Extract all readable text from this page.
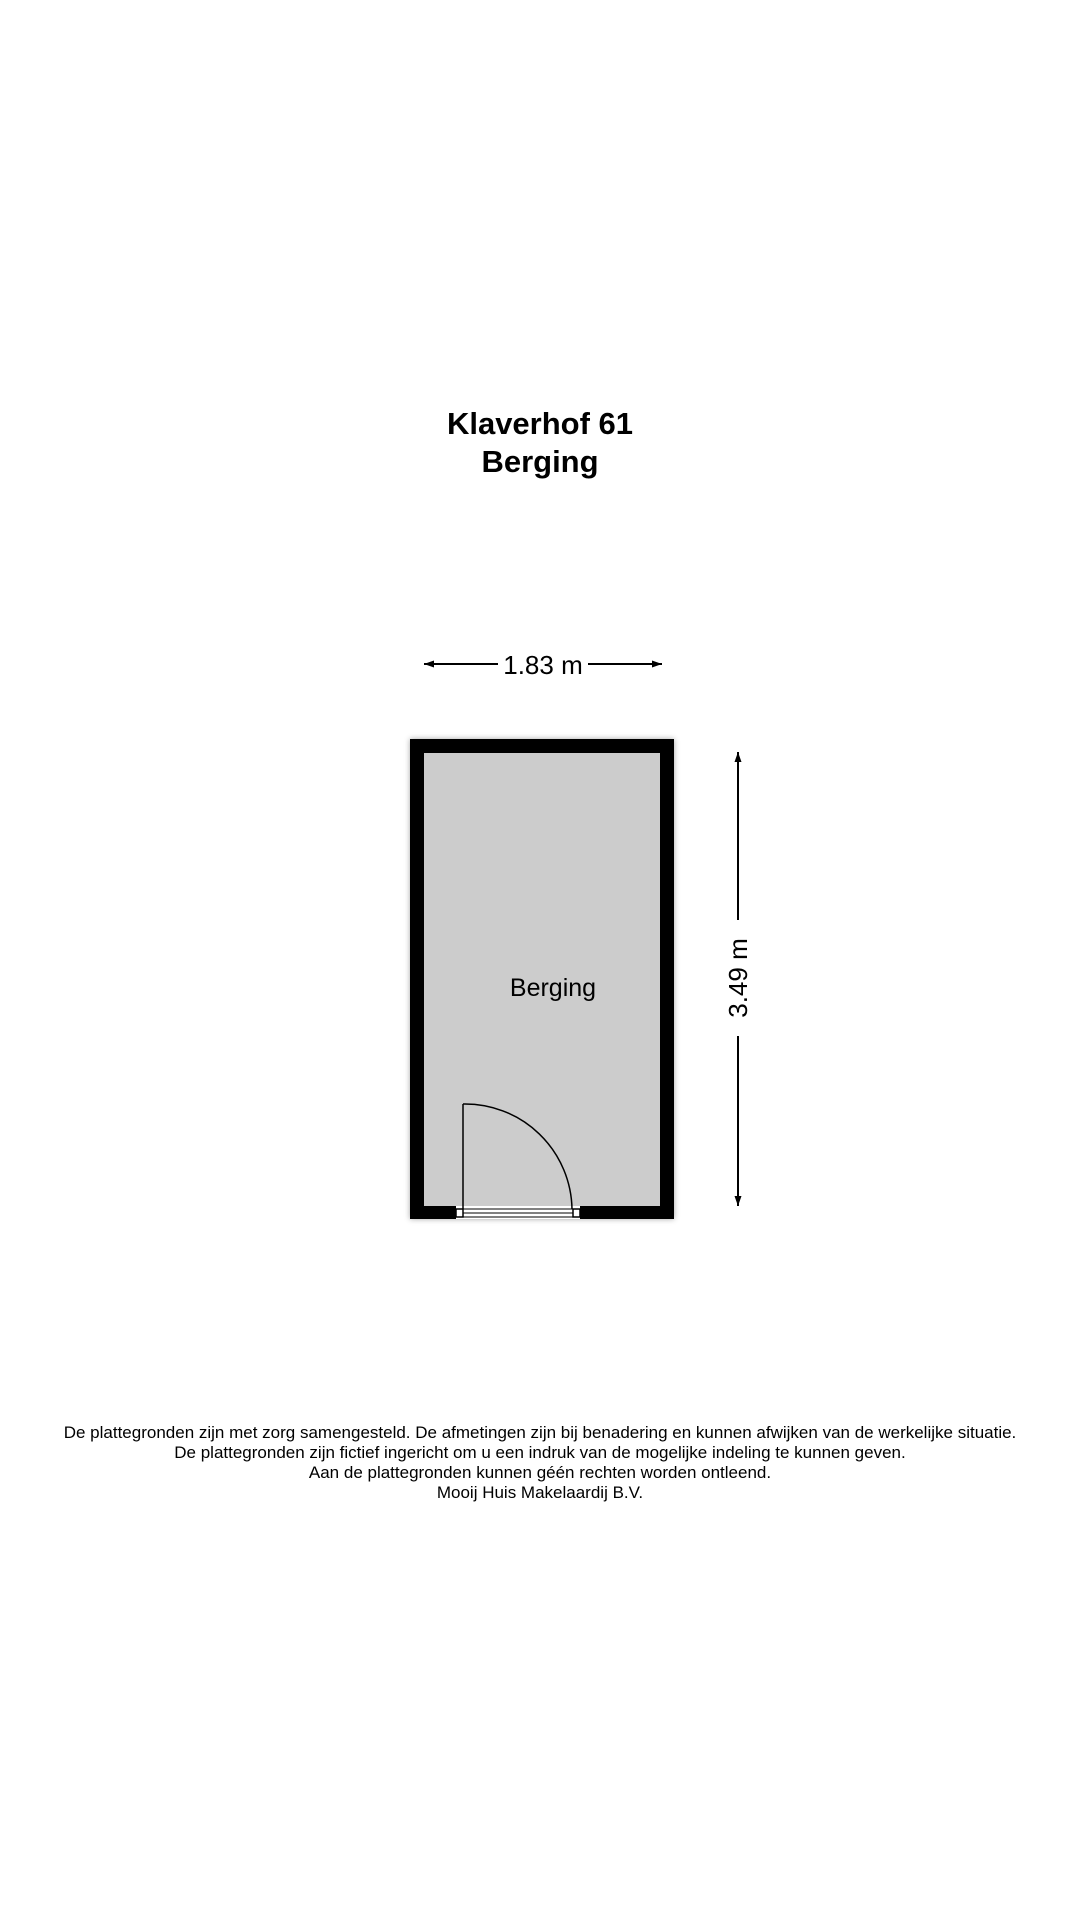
Klaverhof 61
Berging
1.83 m
3.49 m
Berging
De plattegronden zijn met zorg samengesteld. De afmetingen zijn bij benadering en kunnen afwijken van de werkelijke situatie.
De plattegronden zijn fictief ingericht om u een indruk van de mogelijke indeling te kunnen geven.
Aan de plattegronden kunnen géén rechten worden ontleend.
Mooij Huis Makelaardij B.V.
